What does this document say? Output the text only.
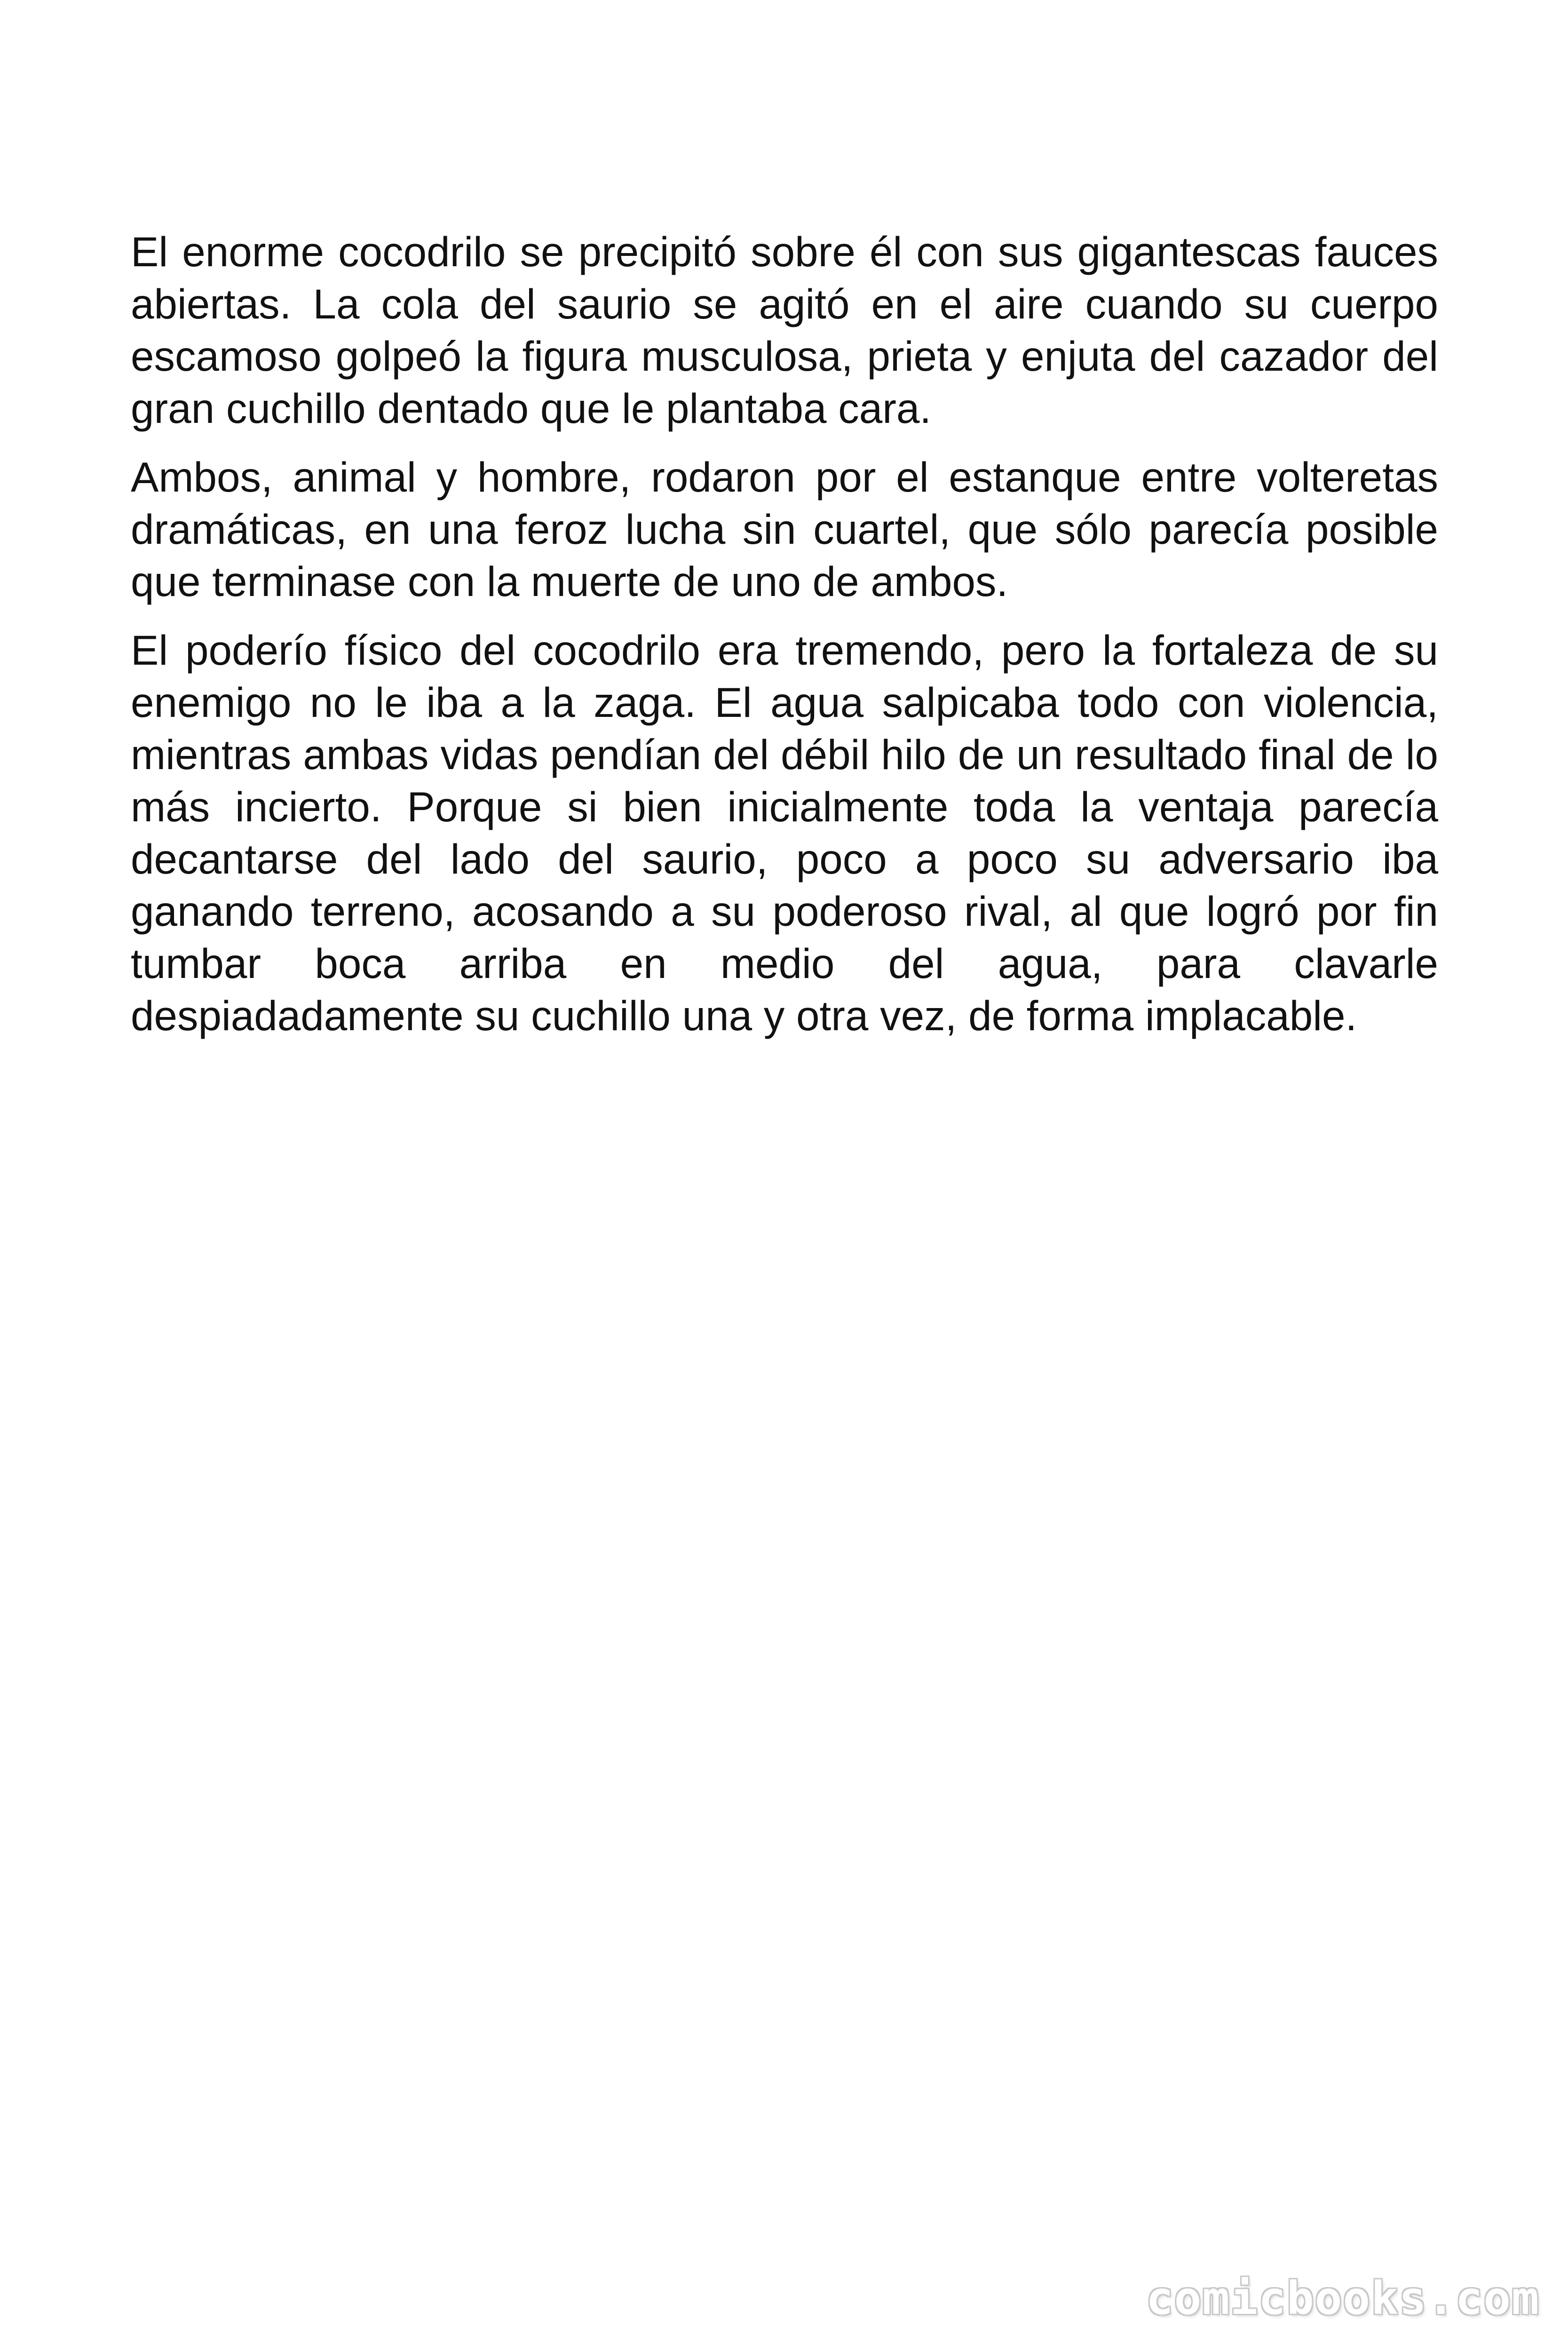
El enorme cocodrilo se precipitó sobre él con sus gigantescas fauces abiertas. La cola del saurio se agitó en el aire cuando su cuerpo escamoso golpeó la figura musculosa, prieta y enjuta del cazador del gran cuchillo dentado que le plantaba cara.

Ambos, animal y hombre, rodaron por el estanque entre volteretas dramáticas, en una feroz lucha sin cuartel, que sólo parecía posible que terminase con la muerte de uno de ambos.

El poderío físico del cocodrilo era tremendo, pero la fortaleza de su enemigo no le iba a la zaga. El agua salpicaba todo con violencia, mientras ambas vidas pendían del débil hilo de un resultado final de lo más incierto. Porque si bien inicialmente toda la ventaja parecía decantarse del lado del saurio, poco a poco su adversario iba ganando terreno, acosando a su poderoso rival, al que logró por fin tumbar boca arriba en medio del agua, para clavarle despiadadamente su cuchillo una y otra vez, de forma implacable.

comicbooks.com
